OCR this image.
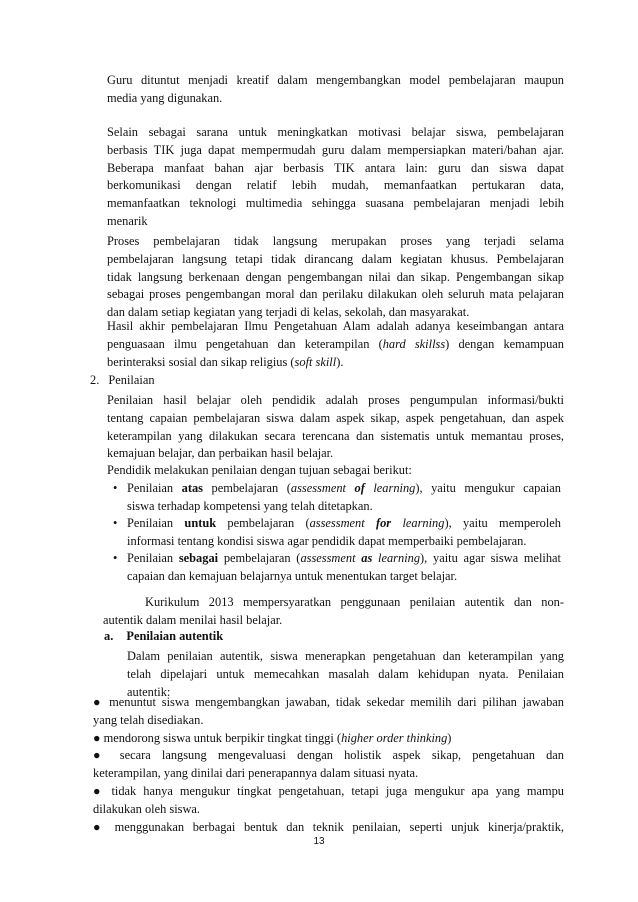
Guru dituntut menjadi kreatif dalam mengembangkan model pembelajaran maupun
media yang digunakan.
Selain sebagai sarana untuk meningkatkan motivasi belajar siswa, pembelajaran
berbasis TIK juga dapat mempermudah guru dalam mempersiapkan materi/bahan ajar.
Beberapa manfaat bahan ajar berbasis TIK antara lain: guru dan siswa dapat
berkomunikasi dengan relatif lebih mudah, memanfaatkan pertukaran data,
memanfaatkan teknologi multimedia sehingga suasana pembelajaran menjadi lebih
menarik
Proses pembelajaran tidak langsung merupakan proses yang terjadi selama
pembelajaran langsung tetapi tidak dirancang dalam kegiatan khusus. Pembelajaran
tidak langsung berkenaan dengan pengembangan nilai dan sikap. Pengembangan sikap
sebagai proses pengembangan moral dan perilaku dilakukan oleh seluruh mata pelajaran
dan dalam setiap kegiatan yang terjadi di kelas, sekolah, dan masyarakat.
Hasil akhir pembelajaran Ilmu Pengetahuan Alam adalah adanya keseimbangan antara
penguasaan ilmu pengetahuan dan keterampilan (hard skillss) dengan kemampuan
berinteraksi sosial dan sikap religius (soft skill).
2. Penilaian
Penilaian hasil belajar oleh pendidik adalah proses pengumpulan informasi/bukti
tentang capaian pembelajaran siswa dalam aspek sikap, aspek pengetahuan, dan aspek
keterampilan yang dilakukan secara terencana dan sistematis untuk memantau proses,
kemajuan belajar, dan perbaikan hasil belajar.
Pendidik melakukan penilaian dengan tujuan sebagai berikut:
• Penilaian atas pembelajaran (assessment of learning), yaitu mengukur capaian
siswa terhadap kompetensi yang telah ditetapkan.
• Penilaian untuk pembelajaran (assessment for learning), yaitu memperoleh
informasi tentang kondisi siswa agar pendidik dapat memperbaiki pembelajaran.
• Penilaian sebagai pembelajaran (assessment as learning), yaitu agar siswa melihat
capaian dan kemajuan belajarnya untuk menentukan target belajar.
Kurikulum 2013 mempersyaratkan penggunaan penilaian autentik dan non-
autentik dalam menilai hasil belajar.
a. Penilaian autentik
Dalam penilaian autentik, siswa menerapkan pengetahuan dan keterampilan yang
telah dipelajari untuk memecahkan masalah dalam kehidupan nyata. Penilaian
autentik:
● menuntut siswa mengembangkan jawaban, tidak sekedar memilih dari pilihan jawaban
yang telah disediakan.
● mendorong siswa untuk berpikir tingkat tinggi (higher order thinking)
● secara langsung mengevaluasi dengan holistik aspek sikap, pengetahuan dan
keterampilan, yang dinilai dari penerapannya dalam situasi nyata.
● tidak hanya mengukur tingkat pengetahuan, tetapi juga mengukur apa yang mampu
dilakukan oleh siswa.
● menggunakan berbagai bentuk dan teknik penilaian, seperti unjuk kinerja/praktik,
13
